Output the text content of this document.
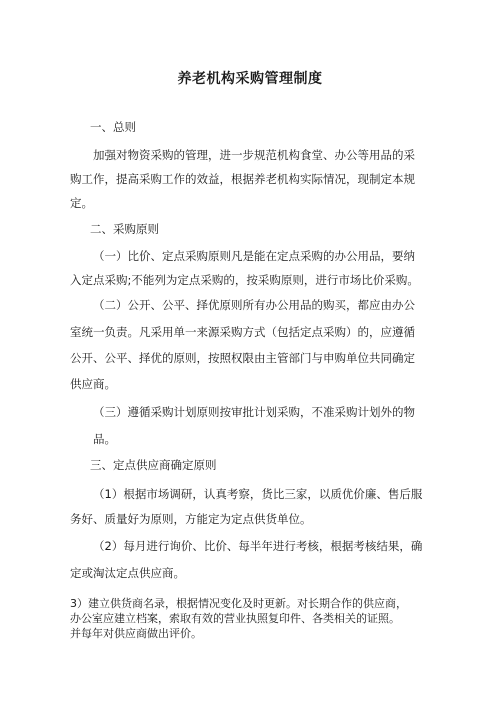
养老机构采购管理制度
一、总则
加强对物资采购的管理，进一步规范机构食堂、办公等用品的采
购工作，提高采购工作的效益，根据养老机构实际情况，现制定本规
定。
二、采购原则
（一）比价、定点采购原则凡是能在定点采购的办公用品，要纳
入定点采购;不能列为定点采购的，按采购原则，进行市场比价采购。
（二）公开、公平、择优原则所有办公用品的购买，都应由办公
室统一负责。凡采用单一来源采购方式（包括定点采购）的，应遵循
公开、公平、择优的原则，按照权限由主管部门与申购单位共同确定
供应商。
（三）遵循采购计划原则按审批计划采购，不准采购计划外的物
品。
三、定点供应商确定原则
（1）根据市场调研，认真考察，货比三家，以质优价廉、售后服
务好、质量好为原则，方能定为定点供货单位。
（2）每月进行询价、比价、每半年进行考核，根据考核结果，确
定或淘汰定点供应商。
3）建立供货商名录，根据情况变化及时更新。对长期合作的供应商，
办公室应建立档案，索取有效的营业执照复印件、各类相关的证照。
并每年对供应商做出评价。
